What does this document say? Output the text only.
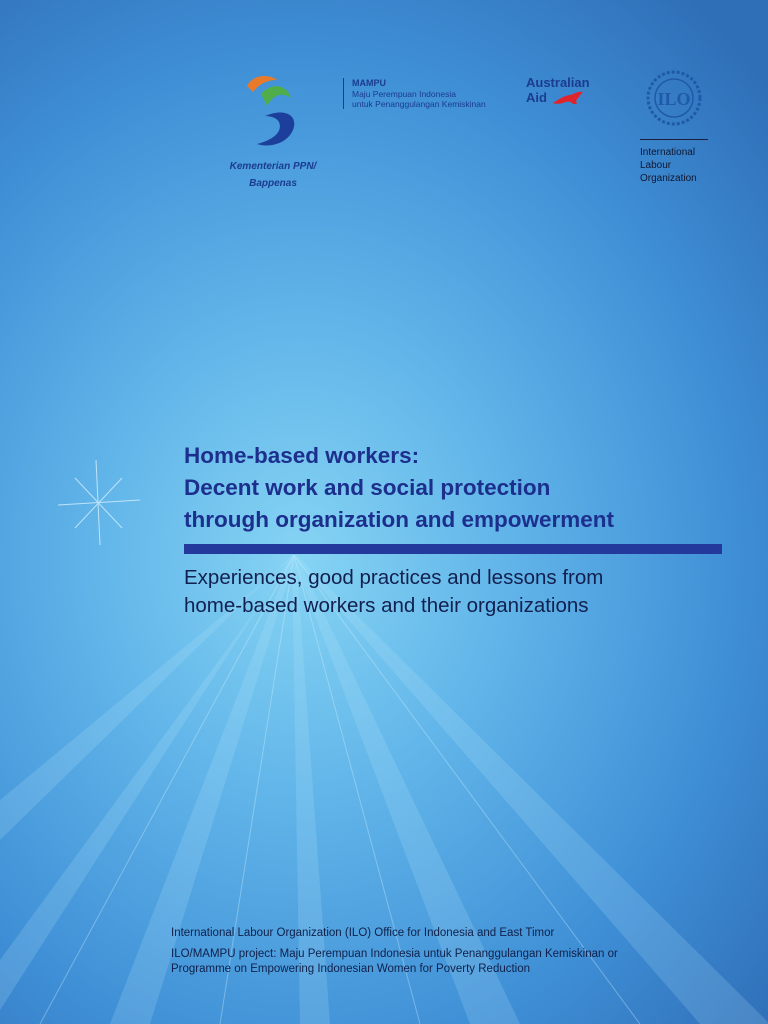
Kementerian PPN/
Bappenas
MAMPU
Maju Perempuan Indonesia
untuk Penanggulangan Kemiskinan
Australian
Aid	ILO
International
Labour
Organization
Home-based workers:
Decent work and social protection
through organization and empowerment
Experiences, good practices and lessons from
home-based workers and their organizations
International Labour Organization (ILO) Office for Indonesia and East Timor
ILO/MAMPU project: Maju Perempuan Indonesia untuk Penanggulangan Kemiskinan or
Programme on Empowering Indonesian Women for Poverty Reduction
